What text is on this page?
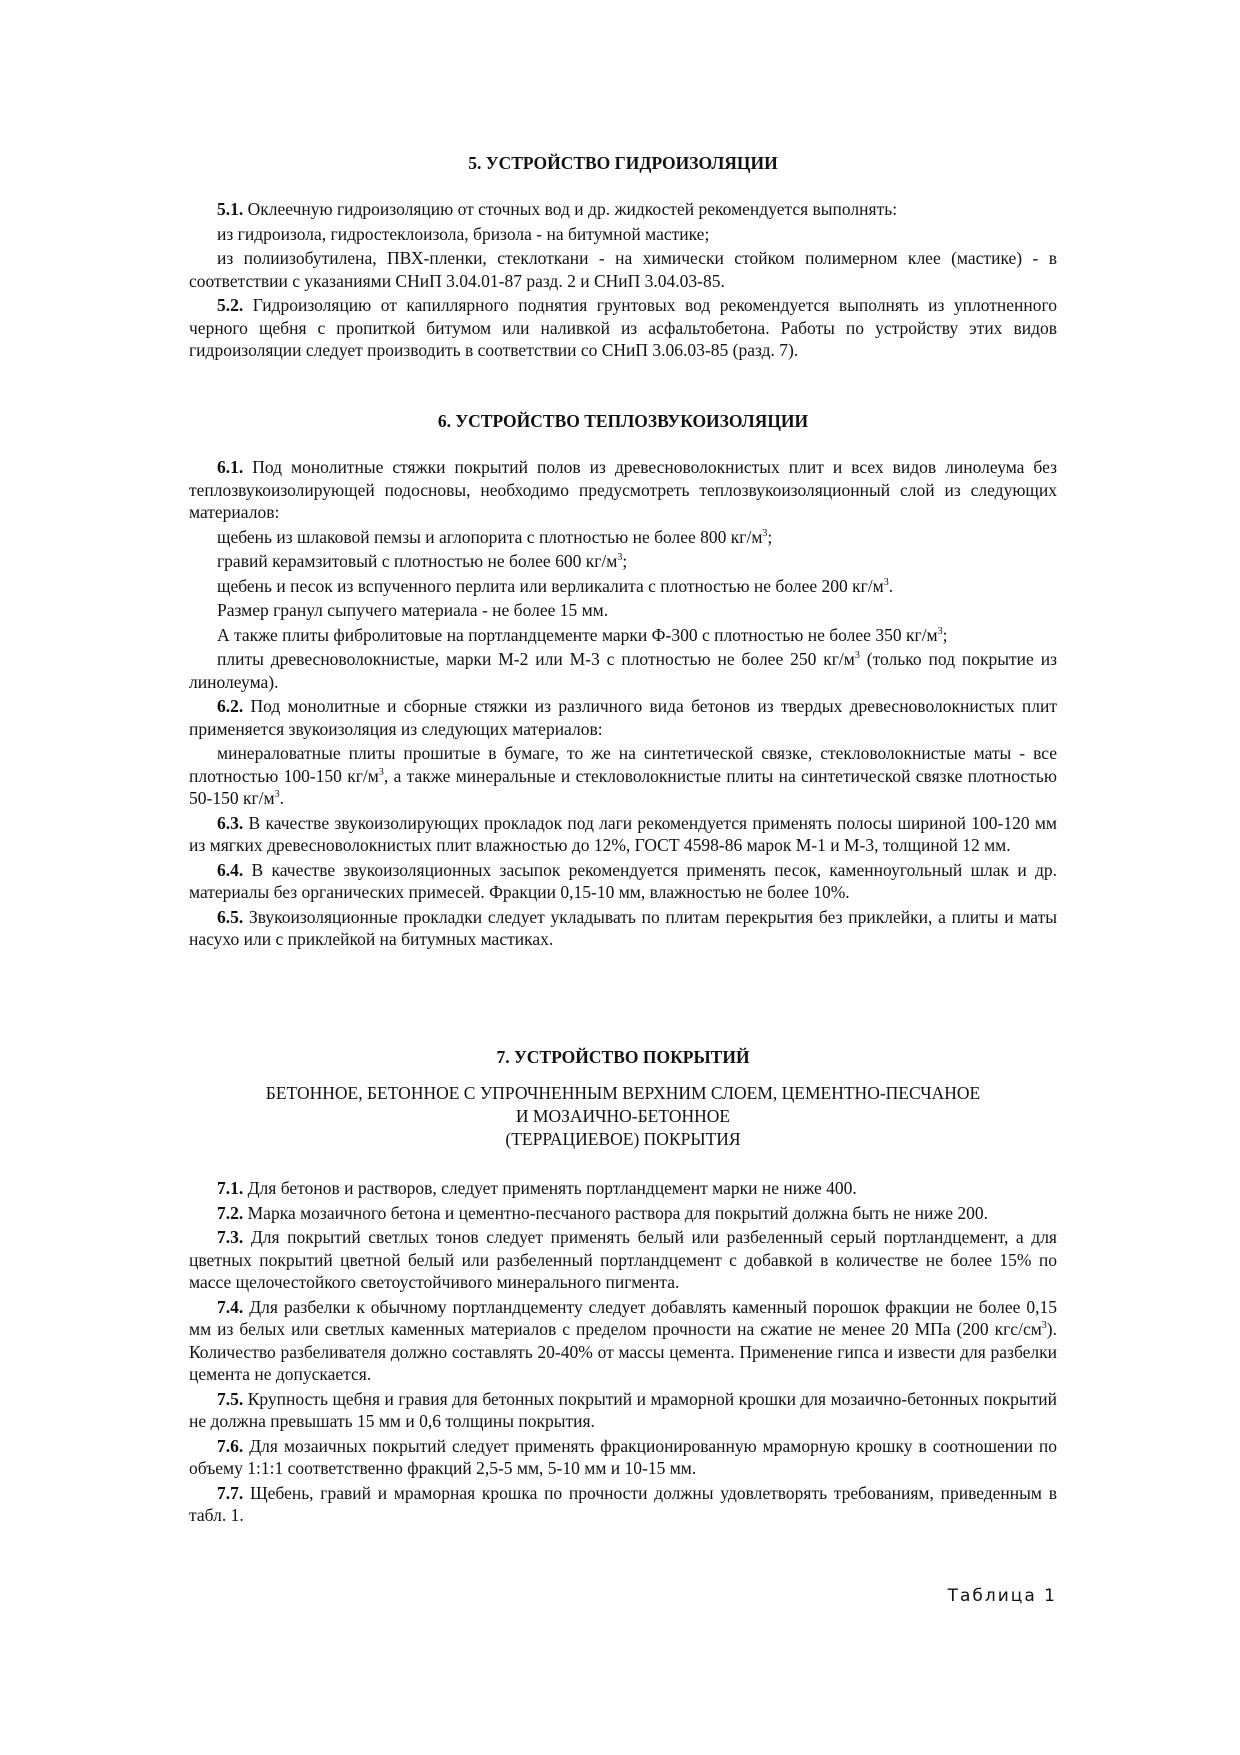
5. УСТРОЙСТВО ГИДРОИЗОЛЯЦИИ

5.1. Оклеечную гидроизоляцию от сточных вод и др. жидкостей рекомендуется выполнять:

из гидроизола, гидростеклоизола, бризола - на битумной мастике;

из полиизобутилена, ПВХ-пленки, стеклоткани - на химически стойком полимерном клее (мастике) - в соответствии с указаниями СНиП 3.04.01-87 разд. 2 и СНиП 3.04.03-85.

5.2. Гидроизоляцию от капиллярного поднятия грунтовых вод рекомендуется выполнять из уплотненного черного щебня с пропиткой битумом или наливкой из асфальтобетона. Работы по устройству этих видов гидроизоляции следует производить в соответствии со СНиП 3.06.03-85 (разд. 7).

6. УСТРОЙСТВО ТЕПЛОЗВУКОИЗОЛЯЦИИ

6.1. Под монолитные стяжки покрытий полов из древесноволокнистых плит и всех видов линолеума без теплозвукоизолирующей подосновы, необходимо предусмотреть теплозвукоизоляционный слой из следующих материалов:

щебень из шлаковой пемзы и аглопорита с плотностью не более 800 $кг/м^3$;

гравий керамзитовый с плотностью не более 600 $кг/м^3$;

щебень и песок из вспученного перлита или верликалита с плотностью не более 200 $кг/м^3$.

Размер гранул сыпучего материала - не более 15 мм.

А также плиты фибролитовые на портландцементе марки Ф-300 с плотностью не более 350 $кг/м^3$;

плиты древесноволокнистые, марки М-2 или М-3 с плотностью не более 250 $кг/м^3$ (только под покрытие из линолеума).

6.2. Под монолитные и сборные стяжки из различного вида бетонов из твердых древесноволокнистых плит применяется звукоизоляция из следующих материалов:

минераловатные плиты прошитые в бумаге, то же на синтетической связке, стекловолокнистые маты - все плотностью 100-150 $кг/м^3$, а также минеральные и стекловолокнистые плиты на синтетической связке плотностью 50-150 $кг/м^3$.

6.3. В качестве звукоизолирующих прокладок под лаги рекомендуется применять полосы шириной 100-120 мм из мягких древесноволокнистых плит влажностью до 12%, ГОСТ 4598-86 марок М-1 и М-3, толщиной 12 мм.

6.4. В качестве звукоизоляционных засыпок рекомендуется применять песок, каменноугольный шлак и др. материалы без органических примесей. Фракции 0,15-10 мм, влажностью не более 10%.

6.5. Звукоизоляционные прокладки следует укладывать по плитам перекрытия без приклейки, а плиты и маты насухо или с приклейкой на битумных мастиках.

7. УСТРОЙСТВО ПОКРЫТИЙ
БЕТОННОЕ, БЕТОННОЕ С УПРОЧНЕННЫМ ВЕРХНИМ СЛОЕМ, ЦЕМЕНТНО-ПЕСЧАНОЕ
И МОЗАИЧНО-БЕТОННОЕ
(ТЕРРАЦИЕВОЕ) ПОКРЫТИЯ

7.1. Для бетонов и растворов, следует применять портландцемент марки не ниже 400.

7.2. Марка мозаичного бетона и цементно-песчаного раствора для покрытий должна быть не ниже 200.

7.3. Для покрытий светлых тонов следует применять белый или разбеленный серый портландцемент, а для цветных покрытий цветной белый или разбеленный портландцемент с добавкой в количестве не более 15% по массе щелочестойкого светоустойчивого минерального пигмента.

7.4. Для разбелки к обычному портландцементу следует добавлять каменный порошок фракции не более 0,15 мм из белых или светлых каменных материалов с пределом прочности на сжатие не менее 20 МПа (200 кгс/$см^3$). Количество разбеливателя должно составлять 20-40% от массы цемента. Применение гипса и извести для разбелки цемента не допускается.

7.5. Крупность щебня и гравия для бетонных покрытий и мраморной крошки для мозаично-бетонных покрытий не должна превышать 15 мм и 0,6 толщины покрытия.

7.6. Для мозаичных покрытий следует применять фракционированную мраморную крошку в соотношении по объему 1:1:1 соответственно фракций 2,5-5 мм, 5-10 мм и 10-15 мм.

7.7. Щебень, гравий и мраморная крошка по прочности должны удовлетворять требованиям, приведенным в табл. 1.

Таблица 1
